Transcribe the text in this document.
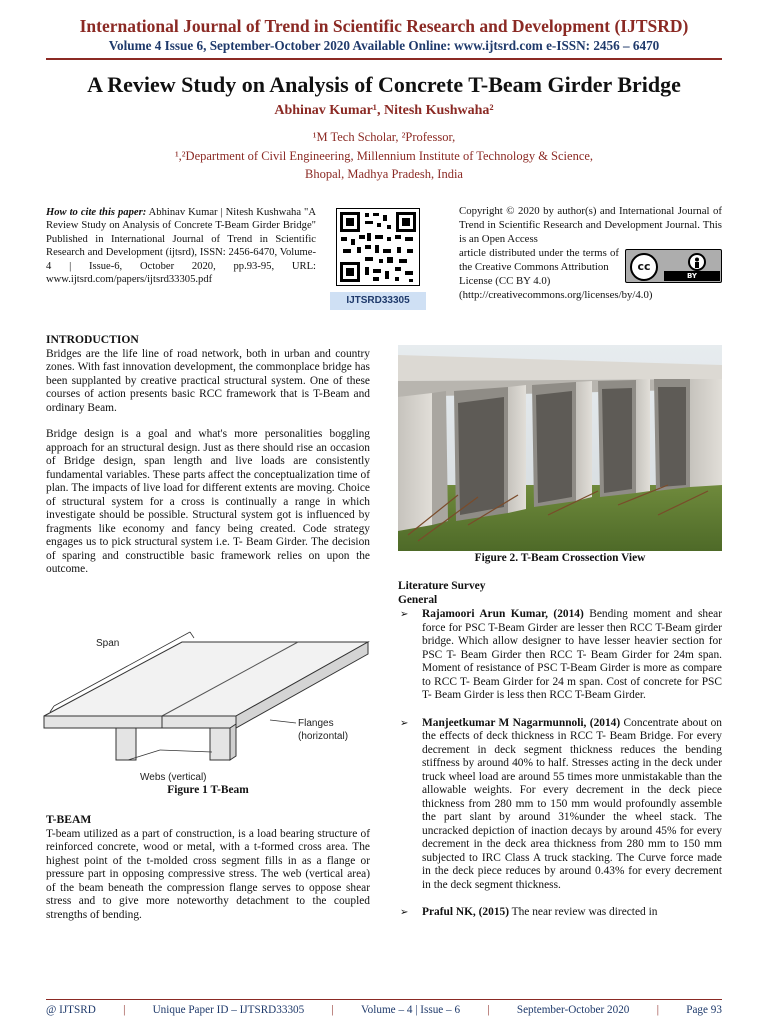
International Journal of Trend in Scientific Research and Development (IJTSRD)
Volume 4 Issue 6, September-October 2020 Available Online: www.ijtsrd.com e-ISSN: 2456 – 6470
A Review Study on Analysis of Concrete T-Beam Girder Bridge
Abhinav Kumar¹, Nitesh Kushwaha²
¹M Tech Scholar, ²Professor,
¹,²Department of Civil Engineering, Millennium Institute of Technology & Science,
Bhopal, Madhya Pradesh, India
How to cite this paper: Abhinav Kumar | Nitesh Kushwaha "A Review Study on Analysis of Concrete T-Beam Girder Bridge" Published in International Journal of Trend in Scientific Research and Development (ijtsrd), ISSN: 2456-6470, Volume-4 | Issue-6, October 2020, pp.93-95, URL: www.ijtsrd.com/papers/ijtsrd33305.pdf
IJTSRD33305
Copyright © 2020 by author(s) and International Journal of Trend in Scientific Research and Development Journal. This is an Open Access
article distributed under the terms of the Creative Commons Attribution
License (CC BY 4.0)
(http://creativecommons.org/licenses/by/4.0)
cc
BY
INTRODUCTION

Bridges are the life line of road network, both in urban and country zones. With fast innovation development, the commonplace bridge has been supplanted by creative practical structural system. One of these courses of action presents basic RCC framework that is T-Beam and ordinary Beam.

Bridge design is a goal and what's more personalities boggling approach for an structural design. Just as there should rise an occasion of Bridge design, span length and live loads are consistently fundamental variables. These parts affect the conceptualization time of plan. The impacts of live load for different extents are moving. Choice of structural system for a cross is continually a range in which investigate should be possible. Structural system got is influenced by fragments like economy and fancy being created. Code strategy engages us to pick structural system i.e. T- Beam Girder. The decision of sparing and constructible basic framework relies on upon the outcome.

Span
Flanges
(horizontal)
Webs (vertical)
Figure 1 T-Beam
T-BEAM

T-beam utilized as a part of construction, is a load bearing structure of reinforced concrete, wood or metal, with a t-formed cross area. The highest point of the t-molded cross segment fills in as a flange or pressure part in opposing compressive stress. The web (vertical area) of the beam beneath the compression flange serves to oppose shear stress and to give more noteworthy detachment to the coupled strengths of bending.

Figure 2. T-Beam Crossection View
Literature Survey
General
➢ Rajamoori Arun Kumar, (2014) Bending moment and shear force for PSC T-Beam Girder are lesser then RCC T-Beam girder bridge. Which allow designer to have lesser heavier section for PSC T- Beam Girder then RCC T- Beam Girder for 24m span. Moment of resistance of PSC T-Beam Girder is more as compare to RCC T- Beam Girder for 24 m span. Cost of concrete for PSC T- Beam Girder is less then RCC T-Beam Girder.
➢ Manjeetkumar M Nagarmunnoli, (2014) Concentrate about on the effects of deck thickness in RCC T- Beam Bridge. For every decrement in deck segment thickness reduces the bending stiffness by around 40% to half. Stresses acting in the deck under truck wheel load are around 55 times more unmistakable than the allowable weights. For every decrement in the deck piece thickness from 280 mm to 150 mm would profoundly assemble the part slant by around 31%under the wheel stack. The uncracked depiction of inaction decays by around 45% for every decrement in the deck area thickness from 280 mm to 150 mm subjected to IRC Class A truck stacking. The Curve force made in the deck piece reduces by around 0.43% for every decrement in the deck segment thickness.
➢ Praful NK, (2015) The near review was directed in
@ IJTSRD | Unique Paper ID – IJTSRD33305 | Volume – 4 | Issue – 6 | September-October 2020 | Page 93
